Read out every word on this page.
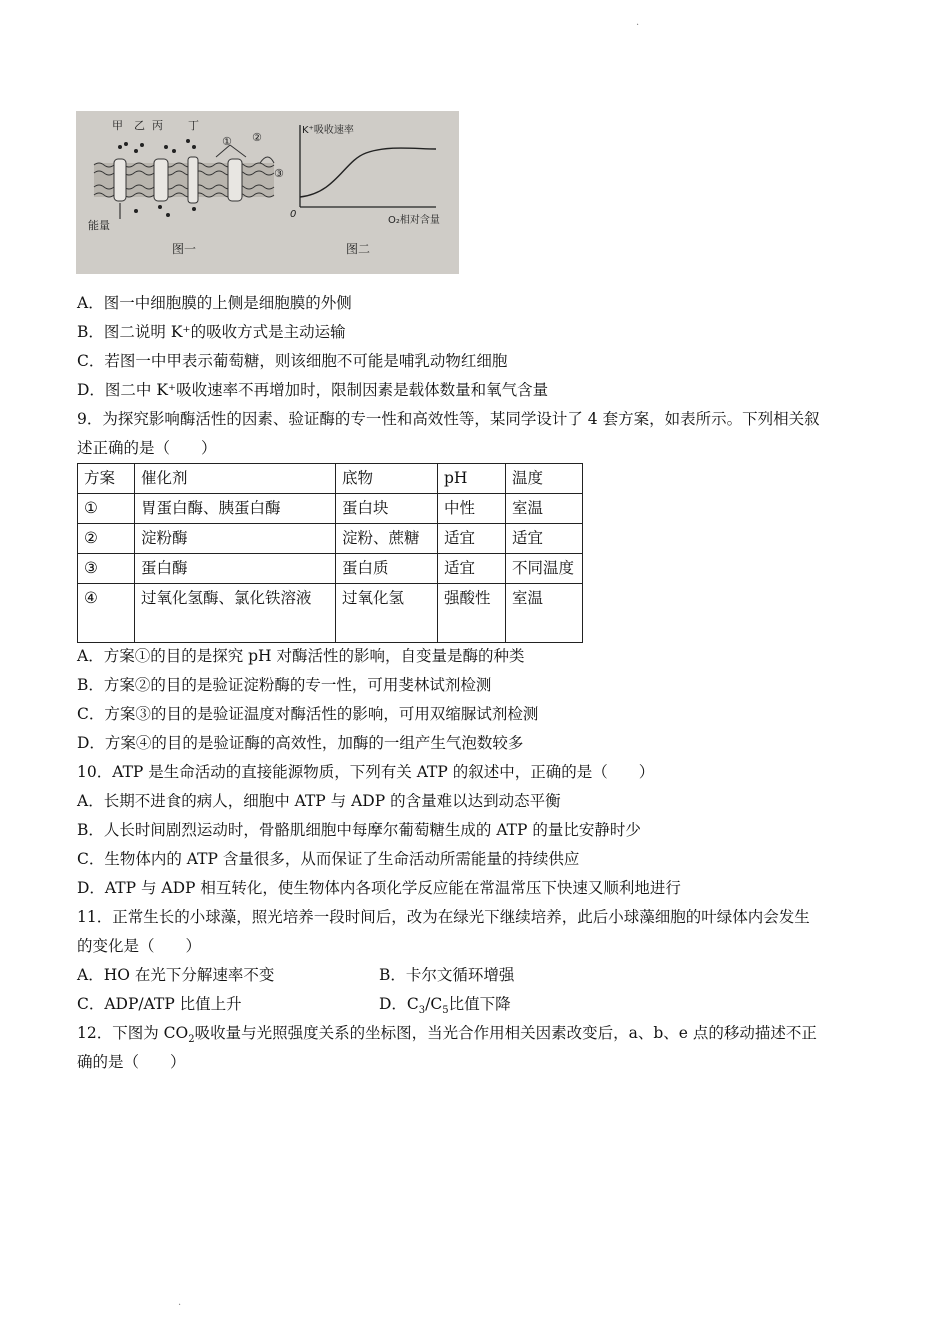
甲 乙 丙 丁
① ②
③
能量
图一
K⁺吸收速率
0
O₂相对含量
图二
A．图一中细胞膜的上侧是细胞膜的外侧
B．图二说明 K⁺的吸收方式是主动运输
C．若图一中甲表示葡萄糖，则该细胞不可能是哺乳动物红细胞
D．图二中 K⁺吸收速率不再增加时，限制因素是载体数量和氧气含量
9．为探究影响酶活性的因素、验证酶的专一性和高效性等，某同学设计了 4 套方案，如表所示。下列相关叙
述正确的是（　　）
方案	催化剂	底物	pH	温度
①	胃蛋白酶、胰蛋白酶	蛋白块	中性	室温
②	淀粉酶	淀粉、蔗糖	适宜	适宜
③	蛋白酶	蛋白质	适宜	不同温度
④	过氧化氢酶、氯化铁溶液	过氧化氢	强酸性	室温
A．方案①的目的是探究 pH 对酶活性的影响，自变量是酶的种类
B．方案②的目的是验证淀粉酶的专一性，可用斐林试剂检测
C．方案③的目的是验证温度对酶活性的影响，可用双缩脲试剂检测
D．方案④的目的是验证酶的高效性，加酶的一组产生气泡数较多
10．ATP 是生命活动的直接能源物质，下列有关 ATP 的叙述中，正确的是（　　）
A．长期不进食的病人，细胞中 ATP 与 ADP 的含量难以达到动态平衡
B．人长时间剧烈运动时，骨骼肌细胞中每摩尔葡萄糖生成的 ATP 的量比安静时少
C．生物体内的 ATP 含量很多，从而保证了生命活动所需能量的持续供应
D．ATP 与 ADP 相互转化，使生物体内各项化学反应能在常温常压下快速又顺利地进行
11．正常生长的小球藻，照光培养一段时间后，改为在绿光下继续培养，此后小球藻细胞的叶绿体内会发生
的变化是（　　）
A．HO 在光下分解速率不变	B．卡尔文循环增强
C．ADP/ATP 比值上升	D．$C_3/C_5$比值下降
12．下图为 $CO_2$吸收量与光照强度关系的坐标图，当光合作用相关因素改变后，a、b、e 点的移动描述不正
确的是（　　）
·
·
